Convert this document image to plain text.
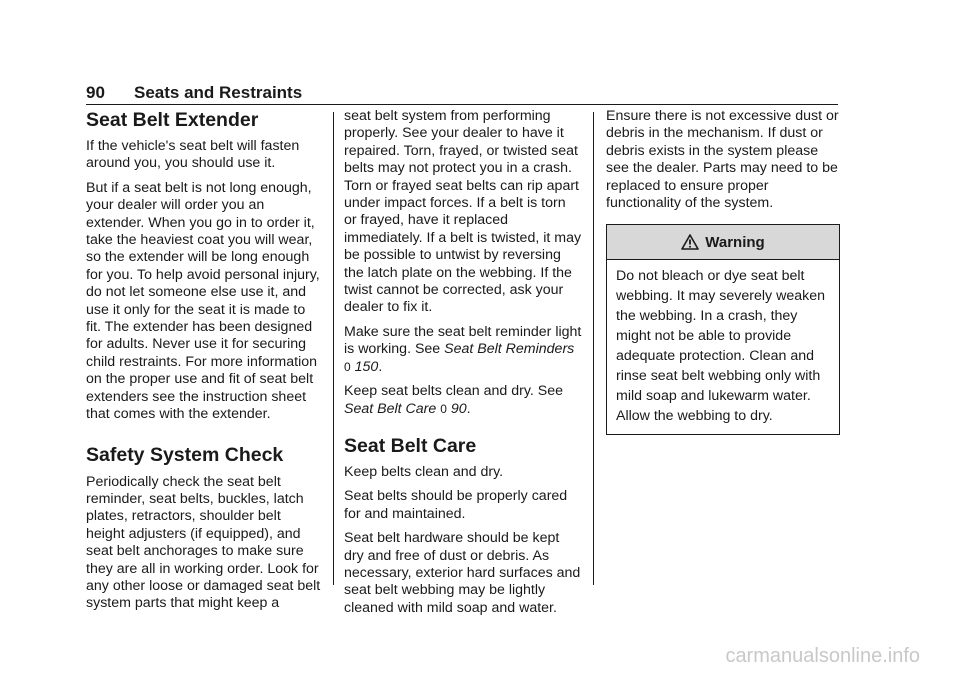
90 Seats and Restraints
Seat Belt Extender

If the vehicle's seat belt will fasten around you, you should use it.

But if a seat belt is not long enough, your dealer will order you an extender. When you go in to order it, take the heaviest coat you will wear, so the extender will be long enough for you. To help avoid personal injury, do not let someone else use it, and use it only for the seat it is made to fit. The extender has been designed for adults. Never use it for securing child restraints. For more information on the proper use and fit of seat belt extenders see the instruction sheet that comes with the extender.

Safety System Check

Periodically check the seat belt reminder, seat belts, buckles, latch plates, retractors, shoulder belt height adjusters (if equipped), and seat belt anchorages to make sure they are all in working order. Look for any other loose or damaged seat belt system parts that might keep a

seat belt system from performing properly. See your dealer to have it repaired. Torn, frayed, or twisted seat belts may not protect you in a crash. Torn or frayed seat belts can rip apart under impact forces. If a belt is torn or frayed, have it replaced immediately. If a belt is twisted, it may be possible to untwist by reversing the latch plate on the webbing. If the twist cannot be corrected, ask your dealer to fix it.

Make sure the seat belt reminder light is working. See Seat Belt Reminders 0 150.

Keep seat belts clean and dry. See Seat Belt Care 0 90.

Seat Belt Care

Keep belts clean and dry.

Seat belts should be properly cared for and maintained.

Seat belt hardware should be kept dry and free of dust or debris. As necessary, exterior hard surfaces and seat belt webbing may be lightly cleaned with mild soap and water.

Ensure there is not excessive dust or debris in the mechanism. If dust or debris exists in the system please see the dealer. Parts may need to be replaced to ensure proper functionality of the system.

Warning
Do not bleach or dye seat belt webbing. It may severely weaken the webbing. In a crash, they might not be able to provide adequate protection. Clean and rinse seat belt webbing only with mild soap and lukewarm water. Allow the webbing to dry.
carmanualsonline.info
